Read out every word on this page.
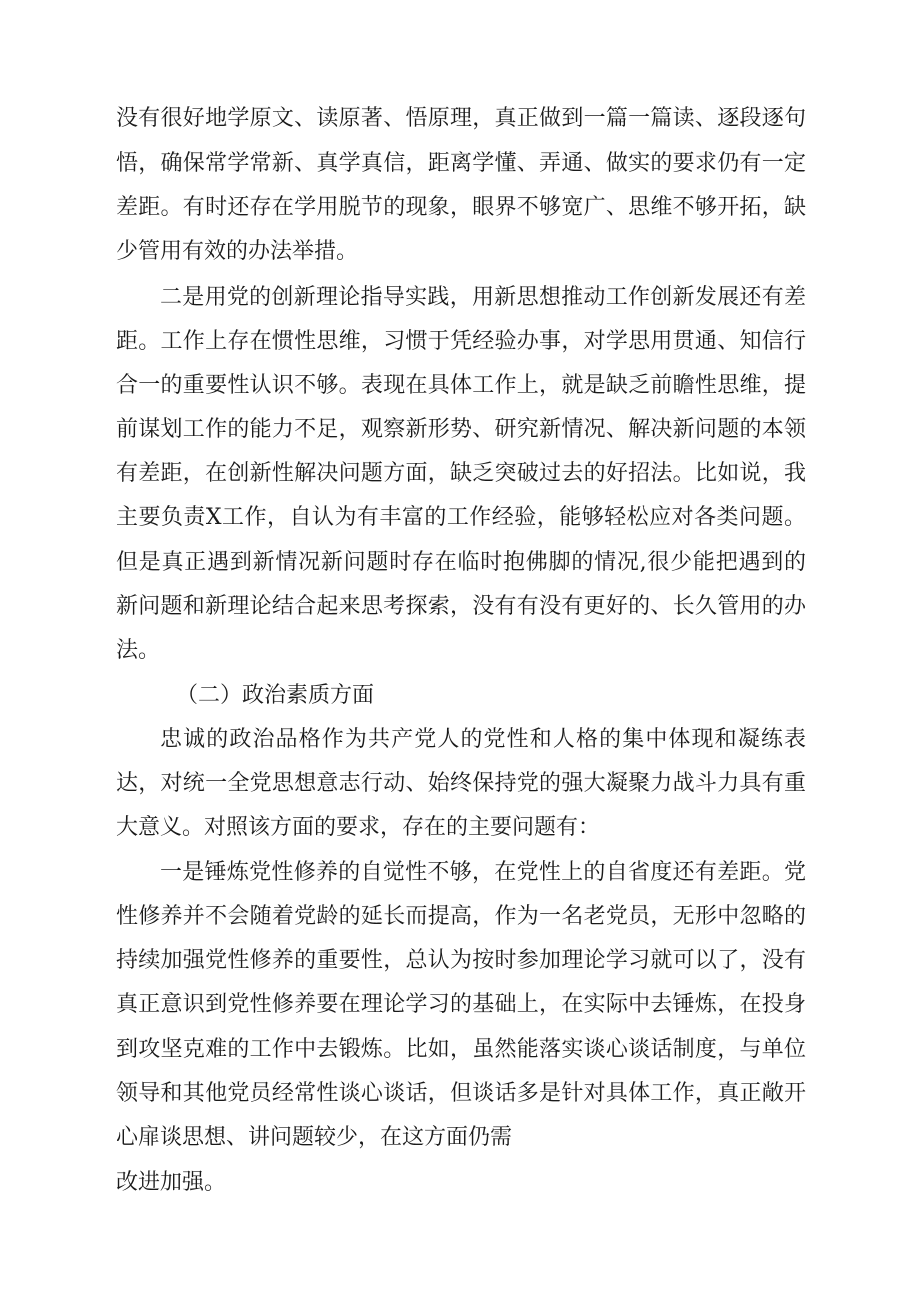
没有很好地学原文、读原著、悟原理，真正做到一篇一篇读、逐段逐句
悟，确保常学常新、真学真信，距离学懂、弄通、做实的要求仍有一定
差距。有时还存在学用脱节的现象，眼界不够宽广、思维不够开拓，缺
少管用有效的办法举措。
二是用党的创新理论指导实践，用新思想推动工作创新发展还有差
距。工作上存在惯性思维，习惯于凭经验办事，对学思用贯通、知信行
合一的重要性认识不够。表现在具体工作上，就是缺乏前瞻性思维，提
前谋划工作的能力不足，观察新形势、研究新情况、解决新问题的本领
有差距，在创新性解决问题方面，缺乏突破过去的好招法。比如说，我
主要负责X工作，自认为有丰富的工作经验，能够轻松应对各类问题。
但是真正遇到新情况新问题时存在临时抱佛脚的情况,很少能把遇到的
新问题和新理论结合起来思考探索，没有有没有更好的、长久管用的办
法。
（二）政治素质方面
忠诚的政治品格作为共产党人的党性和人格的集中体现和凝练表
达，对统一全党思想意志行动、始终保持党的强大凝聚力战斗力具有重
大意义。对照该方面的要求，存在的主要问题有：
一是锤炼党性修养的自觉性不够，在党性上的自省度还有差距。党
性修养并不会随着党龄的延长而提高，作为一名老党员，无形中忽略的
持续加强党性修养的重要性，总认为按时参加理论学习就可以了，没有
真正意识到党性修养要在理论学习的基础上，在实际中去锤炼，在投身
到攻坚克难的工作中去锻炼。比如，虽然能落实谈心谈话制度，与单位
领导和其他党员经常性谈心谈话，但谈话多是针对具体工作，真正敞开
心扉谈思想、讲问题较少，在这方面仍需
改进加强。
